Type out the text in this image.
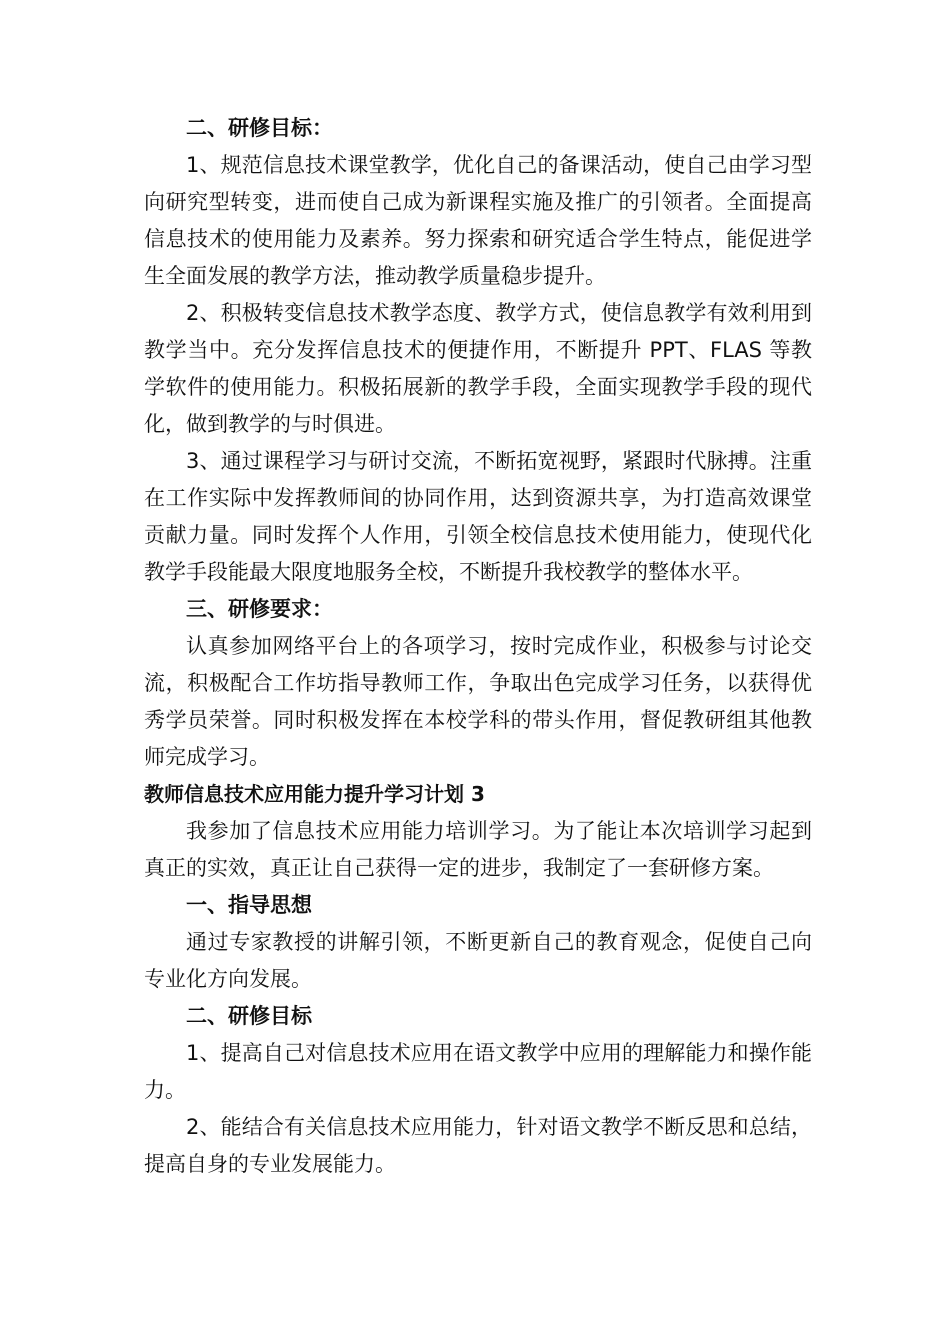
二、研修目标：

1、规范信息技术课堂教学，优化自己的备课活动，使自己由学习型向研究型转变，进而使自己成为新课程实施及推广的引领者。全面提高信息技术的使用能力及素养。努力探索和研究适合学生特点，能促进学生全面发展的教学方法，推动教学质量稳步提升。

2、积极转变信息技术教学态度、教学方式，使信息教学有效利用到教学当中。充分发挥信息技术的便捷作用，不断提升 PPT、FLAS 等教学软件的使用能力。积极拓展新的教学手段，全面实现教学手段的现代化，做到教学的与时俱进。

3、通过课程学习与研讨交流，不断拓宽视野，紧跟时代脉搏。注重在工作实际中发挥教师间的协同作用，达到资源共享，为打造高效课堂贡献力量。同时发挥个人作用，引领全校信息技术使用能力，使现代化教学手段能最大限度地服务全校，不断提升我校教学的整体水平。

三、研修要求：

认真参加网络平台上的各项学习，按时完成作业，积极参与讨论交流，积极配合工作坊指导教师工作，争取出色完成学习任务，以获得优秀学员荣誉。同时积极发挥在本校学科的带头作用，督促教研组其他教师完成学习。

教师信息技术应用能力提升学习计划 3

我参加了信息技术应用能力培训学习。为了能让本次培训学习起到真正的实效，真正让自己获得一定的进步，我制定了一套研修方案。

一、指导思想

通过专家教授的讲解引领，不断更新自己的教育观念，促使自己向专业化方向发展。

二、研修目标

1、提高自己对信息技术应用在语文教学中应用的理解能力和操作能力。

2、能结合有关信息技术应用能力，针对语文教学不断反思和总结，提高自身的专业发展能力。
